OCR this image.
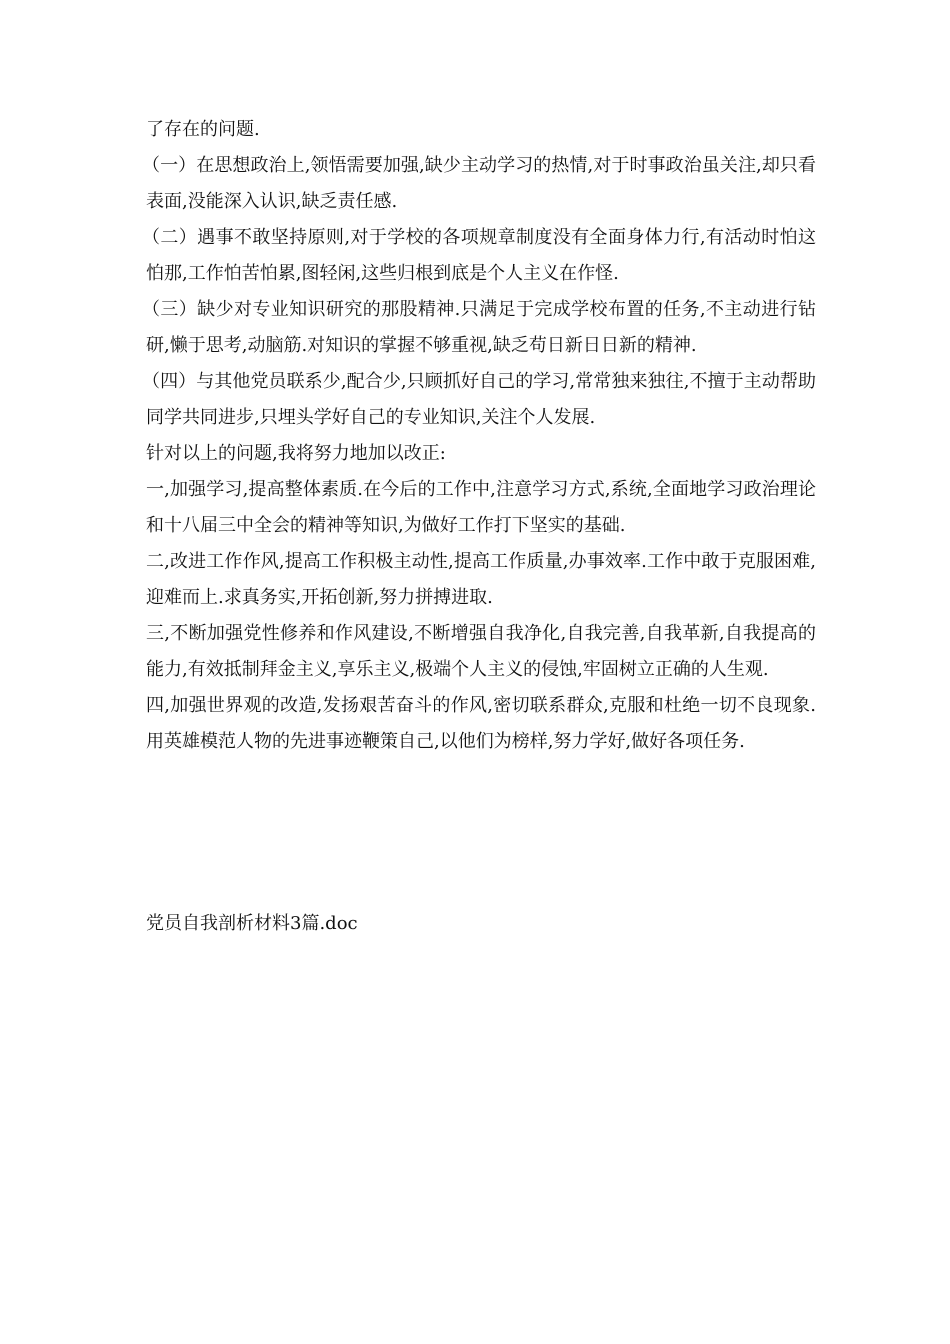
了存在的问题.

（一）在思想政治上,领悟需要加强,缺少主动学习的热情,对于时事政治虽关注,却只看表面,没能深入认识,缺乏责任感.

（二）遇事不敢坚持原则,对于学校的各项规章制度没有全面身体力行,有活动时怕这怕那,工作怕苦怕累,图轻闲,这些归根到底是个人主义在作怪.

（三）缺少对专业知识研究的那股精神.只满足于完成学校布置的任务,不主动进行钻研,懒于思考,动脑筋.对知识的掌握不够重视,缺乏苟日新日日新的精神.

（四）与其他党员联系少,配合少,只顾抓好自己的学习,常常独来独往,不擅于主动帮助同学共同进步,只埋头学好自己的专业知识,关注个人发展.

针对以上的问题,我将努力地加以改正:

一,加强学习,提高整体素质.在今后的工作中,注意学习方式,系统,全面地学习政治理论和十八届三中全会的精神等知识,为做好工作打下坚实的基础.

二,改进工作作风,提高工作积极主动性,提高工作质量,办事效率.工作中敢于克服困难,迎难而上.求真务实,开拓创新,努力拼搏进取.

三,不断加强党性修养和作风建设,不断增强自我净化,自我完善,自我革新,自我提高的能力,有效抵制拜金主义,享乐主义,极端个人主义的侵蚀,牢固树立正确的人生观.

四,加强世界观的改造,发扬艰苦奋斗的作风,密切联系群众,克服和杜绝一切不良现象.用英雄模范人物的先进事迹鞭策自己,以他们为榜样,努力学好,做好各项任务.

党员自我剖析材料3篇.doc
